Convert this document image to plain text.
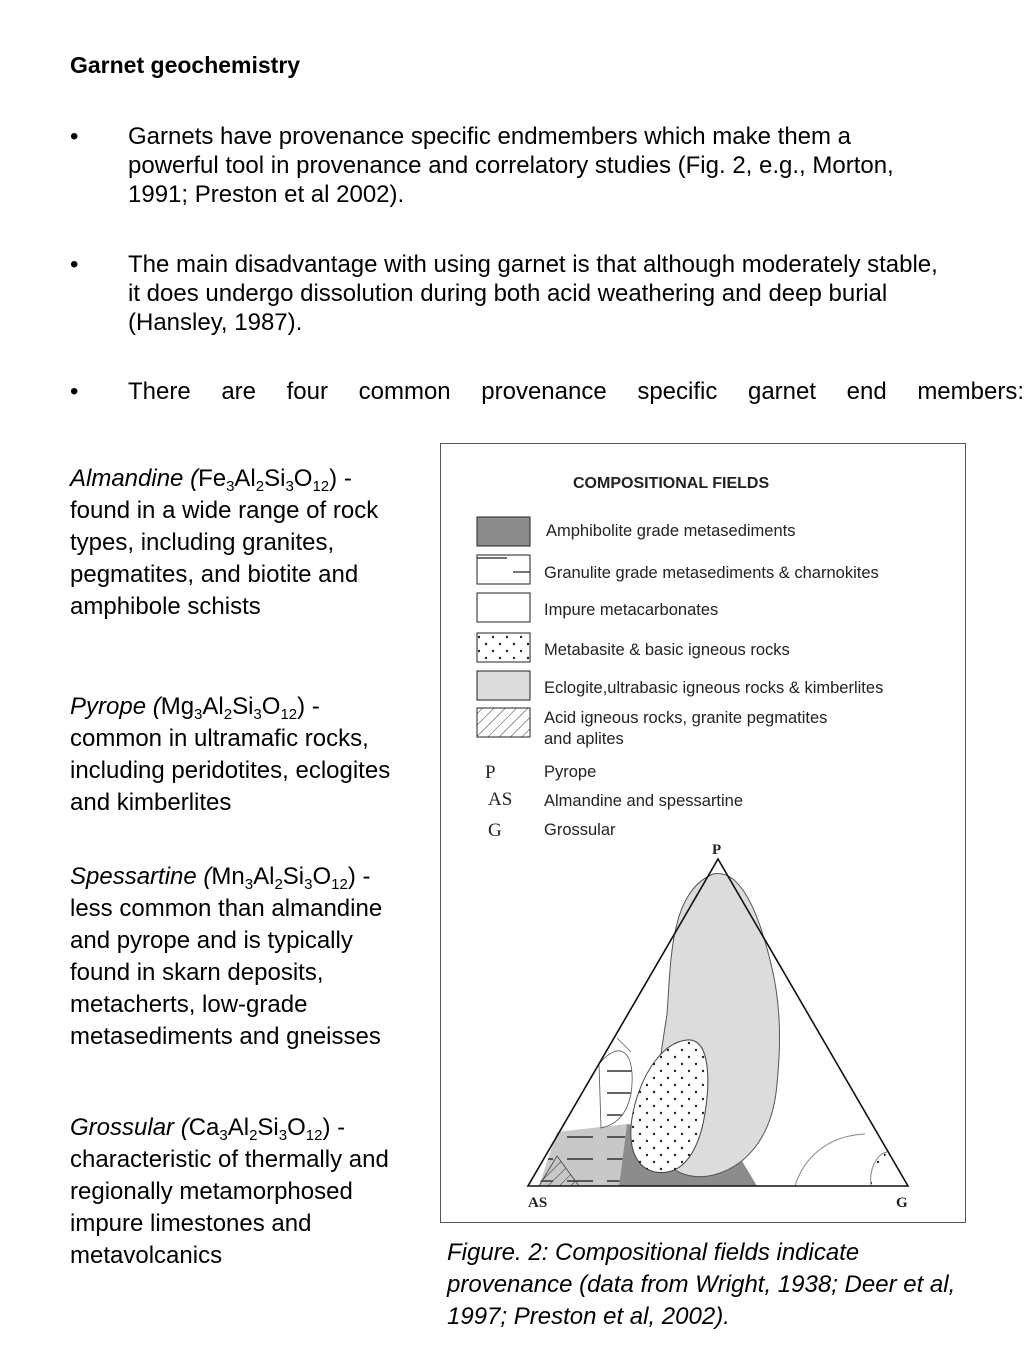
Garnet geochemistry
• Garnets have provenance specific endmembers which make them a powerful tool in provenance and correlatory studies (Fig. 2, e.g., Morton, 1991; Preston et al 2002).
• The main disadvantage with using garnet is that although moderately stable, it does undergo dissolution during both acid weathering and deep burial (Hansley, 1987).
• There are four common provenance specific garnet end members:
Almandine $(Fe_3Al_2Si_3O_{12})$ - found in a wide range of rock types, including granites, pegmatites, and biotite and amphibole schists
Pyrope $(Mg_3Al_2Si_3O_{12})$ - common in ultramafic rocks, including peridotites, eclogites and kimberlites
Spessartine $(Mn_3Al_2Si_3O_{12})$ - less common than almandine and pyrope and is typically found in skarn deposits, metacherts, low-grade metasediments and gneisses
Grossular $(Ca_3Al_2Si_3O_{12})$ - characteristic of thermally and regionally metamorphosed impure limestones and metavolcanics
COMPOSITIONAL FIELDS
Amphibolite grade metasediments
Granulite grade metasediments & charnokites
Impure metacarbonates
Metabasite & basic igneous rocks
Eclogite,ultrabasic igneous rocks & kimberlites
Acid igneous rocks, granite pegmatites
and aplites
P	Pyrope
AS Almandine and spessartine
G	Grossular
P
AS	G
Figure. 2: Compositional fields indicate provenance (data from Wright, 1938; Deer et al, 1997; Preston et al, 2002).
